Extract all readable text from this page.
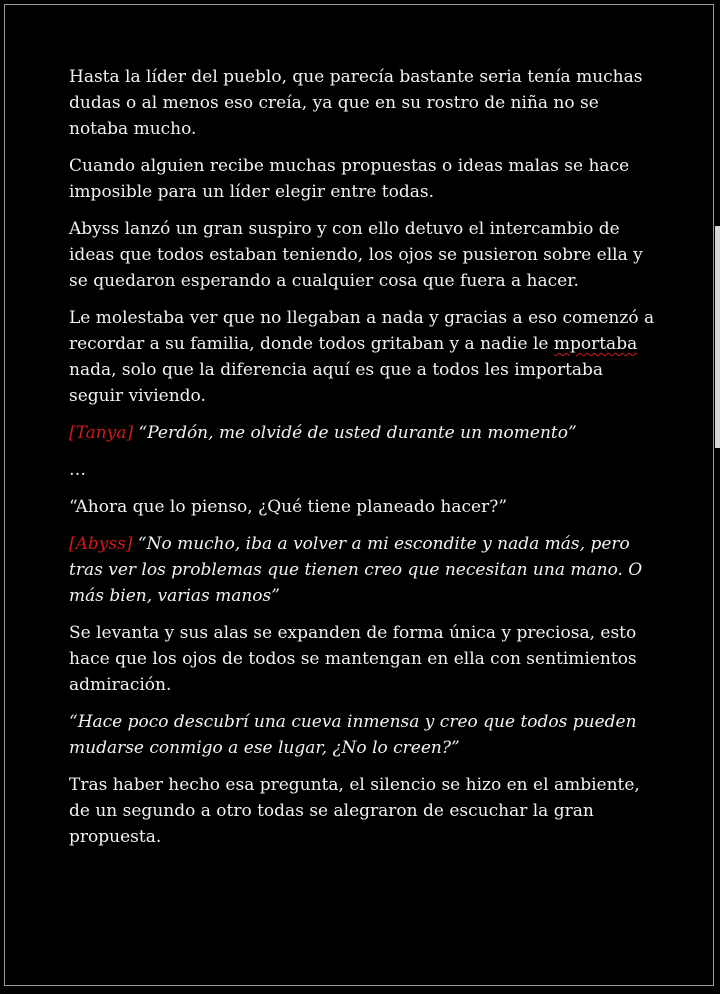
Hasta la líder del pueblo, que parecía bastante seria tenía muchas dudas o al menos eso creía, ya que en su rostro de niña no se notaba mucho.

Cuando alguien recibe muchas propuestas o ideas malas se hace imposible para un líder elegir entre todas.

Abyss lanzó un gran suspiro y con ello detuvo el intercambio de ideas que todos estaban teniendo, los ojos se pusieron sobre ella y se quedaron esperando a cualquier cosa que fuera a hacer.

Le molestaba ver que no llegaban a nada y gracias a eso comenzó a recordar a su familia, donde todos gritaban y a nadie le mportaba nada, solo que la diferencia aquí es que a todos les importaba seguir viviendo.

[Tanya] “Perdón, me olvidé de usted durante un momento”

…

“Ahora que lo pienso, ¿Qué tiene planeado hacer?”

[Abyss] “No mucho, iba a volver a mi escondite y nada más, pero tras ver los problemas que tienen creo que necesitan una mano. O más bien, varias manos”

Se levanta y sus alas se expanden de forma única y preciosa, esto hace que los ojos de todos se mantengan en ella con sentimientos admiración.

“Hace poco descubrí una cueva inmensa y creo que todos pueden mudarse conmigo a ese lugar, ¿No lo creen?”

Tras haber hecho esa pregunta, el silencio se hizo en el ambiente, de un segundo a otro todas se alegraron de escuchar la gran propuesta.
